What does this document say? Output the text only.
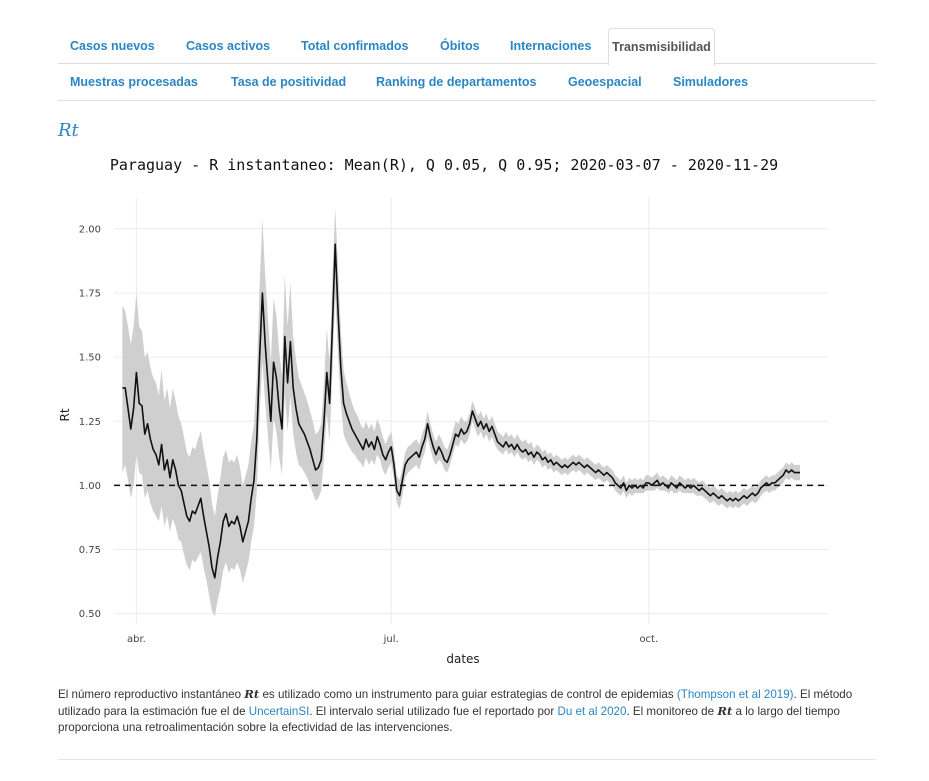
Casos nuevos	Casos activos	Total confirmados	Óbitos	Internaciones	Transmisibilidad
Muestras procesadas	Tasa de positividad	Ranking de departamentos	Geoespacial	Simuladores
Rt
Paraguay - R instantaneo: Mean(R), Q 0.05, Q 0.95; 2020-03-07 - 2020-11-29
0.50
0.75
1.00
1.25
1.50
1.75
2.00
abr.	jul.	oct.
dates
Rt
El número reproductivo instantáneo Rt es utilizado como un instrumento para guiar estrategias de control de epidemias (Thompson et al 2019). El método utilizado para la estimación fue el de UncertainSI. El intervalo serial utilizado fue el reportado por Du et al 2020. El monitoreo de Rt a lo largo del tiempo proporciona una retroalimentación sobre la efectividad de las intervenciones.
